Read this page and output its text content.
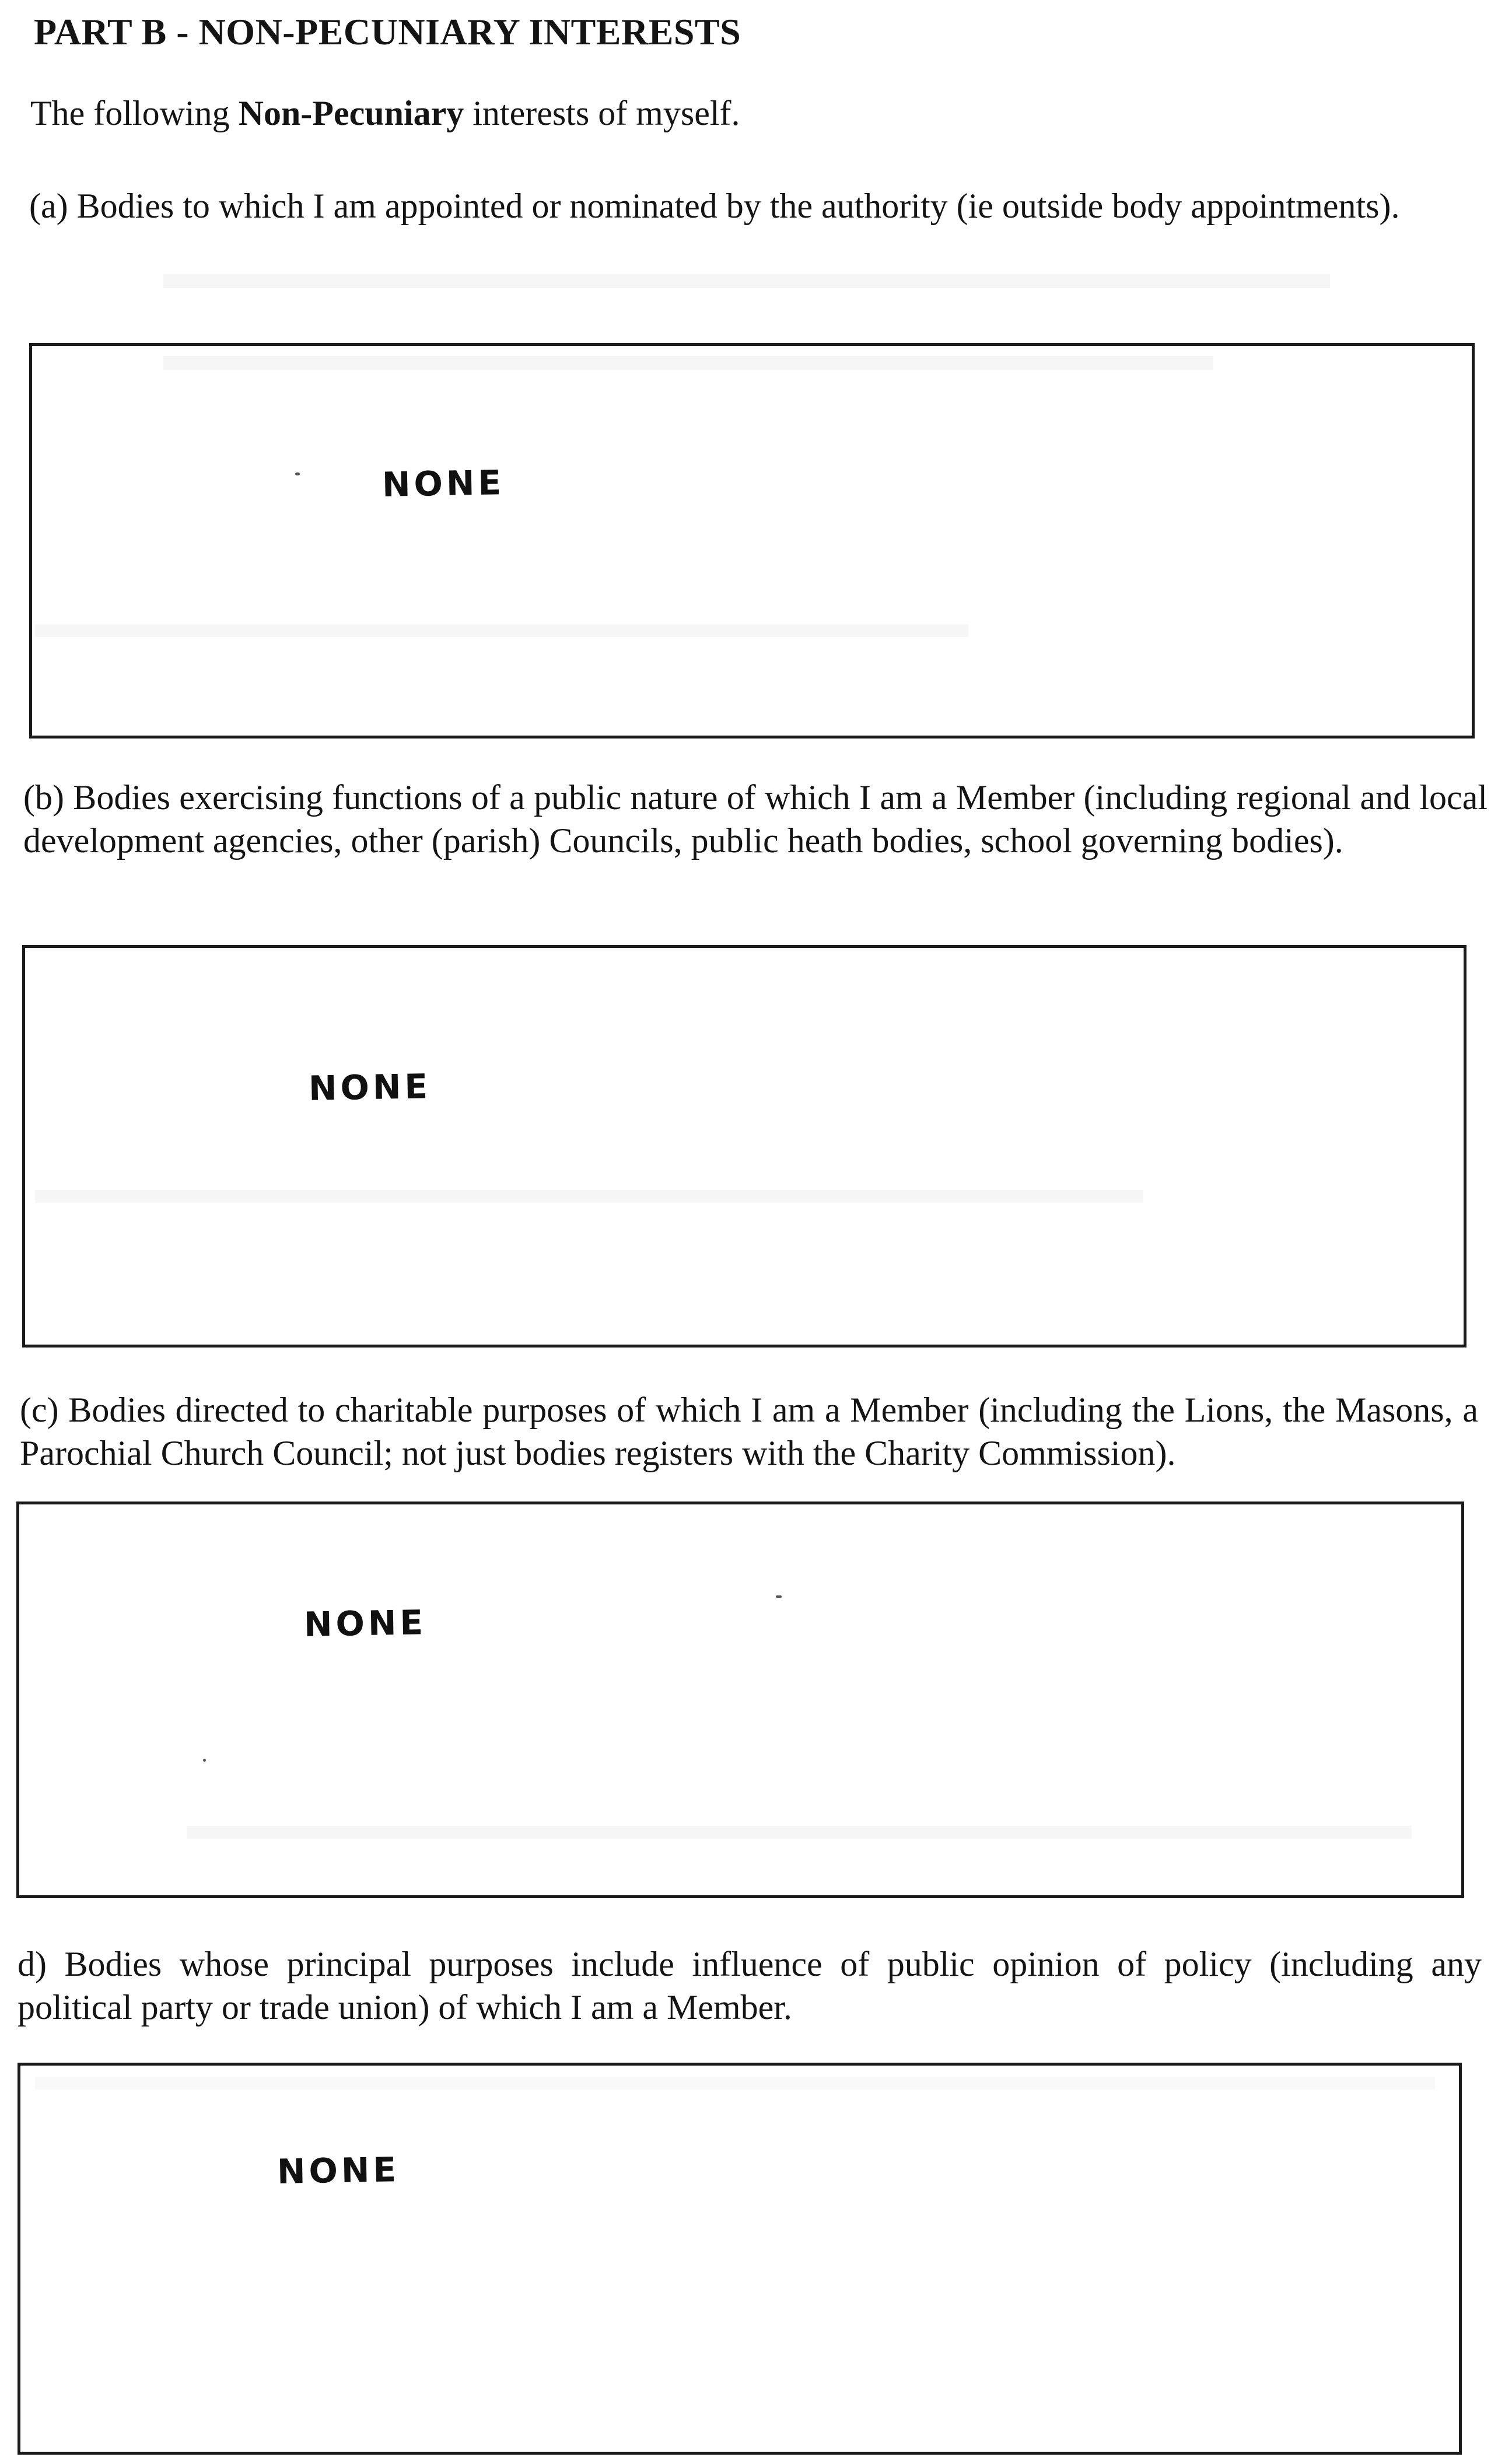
PART B - NON-PECUNIARY INTERESTS
The following Non-Pecuniary interests of myself.
(a) Bodies to which I am appointed or nominated by the authority (ie outside body appointments).
NONE
(b) Bodies exercising functions of a public nature of which I am a Member (including regional and local development agencies, other (parish) Councils, public heath bodies, school governing bodies).
NONE
(c) Bodies directed to charitable purposes of which I am a Member (including the Lions, the Masons, a Parochial Church Council; not just bodies registers with the Charity Commission).
NONE
d) Bodies whose principal purposes include influence of public opinion of policy (including any political party or trade union) of which I am a Member.
NONE
